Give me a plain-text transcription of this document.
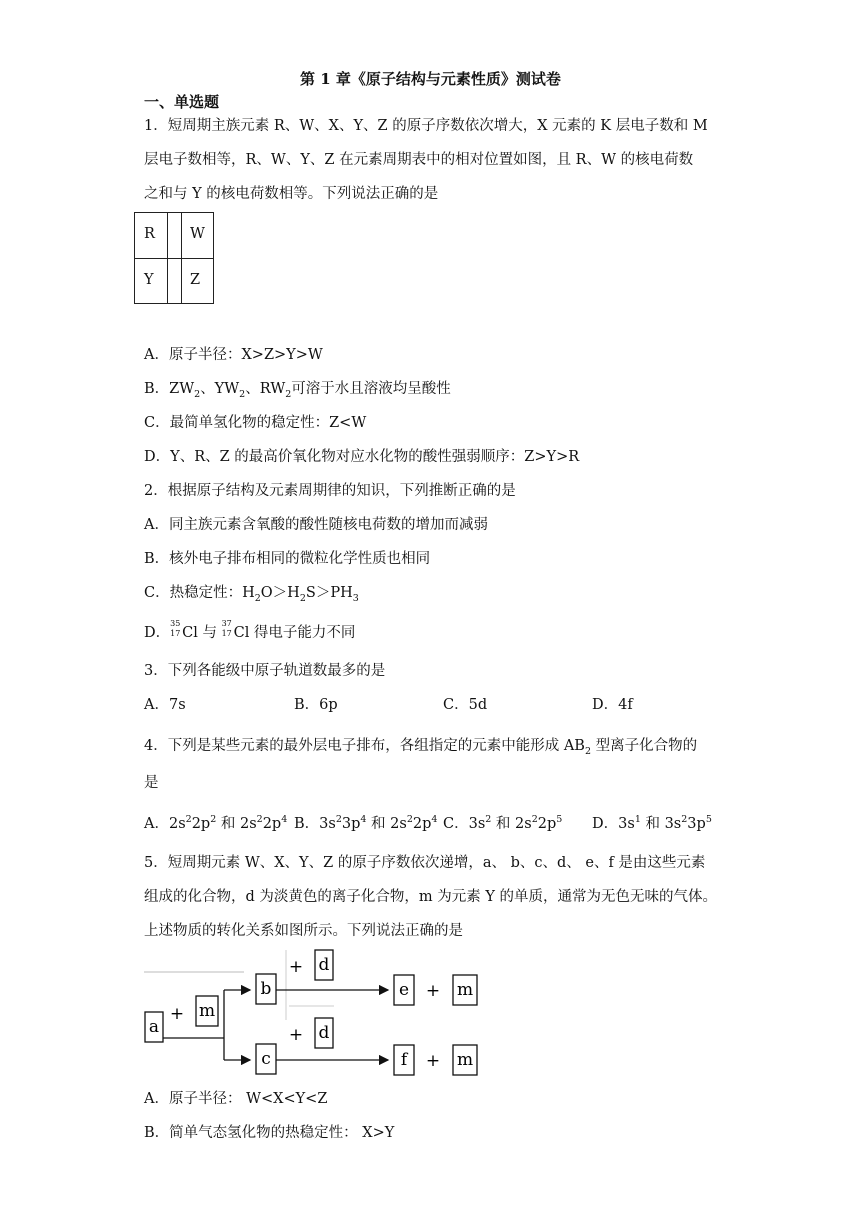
第 1 章《原子结构与元素性质》测试卷
一、单选题
1．短周期主族元素 R、W、X、Y、Z 的原子序数依次增大，X 元素的 K 层电子数和 M
层电子数相等，R、W、Y、Z 在元素周期表中的相对位置如图，且 R、W 的核电荷数
之和与 Y 的核电荷数相等。下列说法正确的是
R W
Y	Z
A．原子半径：X>Z>Y>W
B．$ZW_2$、$YW_2$、$RW_2$可溶于水且溶液均呈酸性
C．最简单氢化物的稳定性：Z<W
D．Y、R、Z 的最高价氧化物对应水化物的酸性强弱顺序：Z>Y>R
2．根据原子结构及元素周期律的知识，下列推断正确的是
A．同主族元素含氧酸的酸性随核电荷数的增加而减弱
B．核外电子排布相同的微粒化学性质也相同
C．热稳定性：$H_2O>H_2S>PH_3$
D．
35
17 Cl 与
37
17 Cl 得电子能力不同
3．下列各能级中原子轨道数最多的是
A．7s	B．6p	C．5d	D．4f
4．下列是某些元素的最外层电子排布，各组指定的元素中能形成 $AB_2$ 型离子化合物的
是
A．$2s^22p^2$ 和 $2s^22p^4$ B．$3s^23p^4$ 和 $2s^22p^4$ C．$3s^2$ 和 $2s^22p^5$ D．$3s^1$ 和 $3s^23p^5$
5．短周期元素 W、X、Y、Z 的原子序数依次递增，a、 b、c、d、 e、f 是由这些元素
组成的化合物，d 为淡黄色的离子化合物，m 为元素 Y 的单质，通常为无色无味的气体。
上述物质的转化关系如图所示。下列说法正确的是
a
+ m
b
c
+ d
+ d
e + m
f + m
A．原子半径： W<X<Y<Z
B．简单气态氢化物的热稳定性： X>Y
